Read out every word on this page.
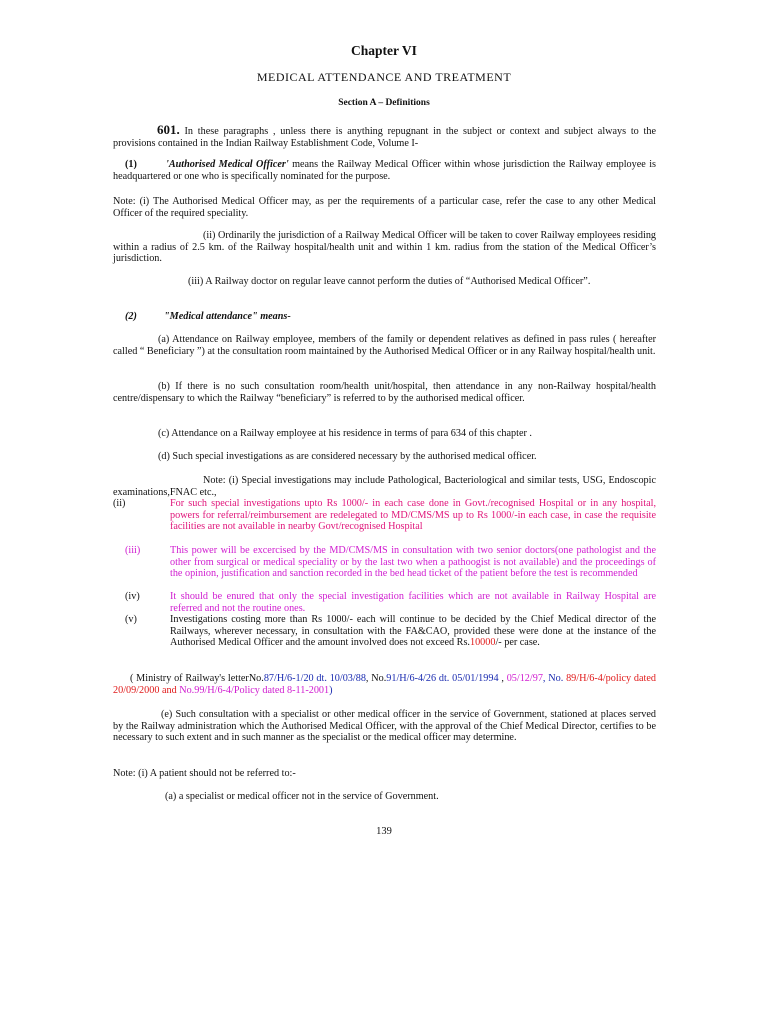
Chapter VI
MEDICAL ATTENDANCE AND TREATMENT
Section A – Definitions

601. In these paragraphs , unless there is anything repugnant in the subject or context and subject always to the provisions contained in the Indian Railway Establishment Code, Volume I-

(1)	'Authorised Medical Officer' means the Railway Medical Officer within whose jurisdiction the Railway employee is headquartered or one who is specifically nominated for the purpose.

Note: (i) The Authorised Medical Officer may, as per the requirements of a particular case, refer the case to any other Medical Officer of the required speciality.

(ii) Ordinarily the jurisdiction of a Railway Medical Officer will be taken to cover Railway employees residing within a radius of 2.5 km. of the Railway hospital/health unit and within 1 km. radius from the station of the Medical Officer’s jurisdiction.

(iii) A Railway doctor on regular leave cannot perform the duties of “Authorised Medical Officer”.

(2)	"Medical attendance" means-

(a) Attendance on Railway employee, members of the family or dependent relatives as defined in pass rules ( hereafter called “ Beneficiary ”) at the consultation room maintained by the Authorised Medical Officer or in any Railway hospital/health unit.

(b) If there is no such consultation room/health unit/hospital, then attendance in any non-Railway hospital/health centre/dispensary to which the Railway “beneficiary” is referred to by the authorised medical officer.

(c) Attendance on a Railway employee at his residence in terms of para 634 of this chapter .

(d) Such special investigations as are considered necessary by the authorised medical officer.

Note: (i) Special investigations may include Pathological, Bacteriological and similar tests, USG, Endoscopic examinations,FNAC etc.,

(ii)	For such special investigations upto Rs 1000/- in each case done in Govt./recognised Hospital or in any hospital, powers for referral/reimbursement are redelegated to MD/CMS/MS up to Rs 1000/-in each case, in case the requisite facilities are not available in nearby Govt/recognised Hospital
(iii)	This power will be excercised by the MD/CMS/MS in consultation with two senior doctors(one pathologist and the other from surgical or medical speciality or by the last two when a pathoogist is not available) and the proceedings of the opinion, justification and sanction recorded in the bed head ticket of the patient before the test is recommended
(iv)	It should be enured that only the special investigation facilities which are not available in Railway Hospital are referred and not the routine ones.
(v)	Investigations costing more than Rs 1000/- each will continue to be decided by the Chief Medical director of the Railways, wherever necessary, in consultation with the FA&CAO, provided these were done at the instance of the Authorised Medical Officer and the amount involved does not exceed Rs.10000/- per case.

( Ministry of Railway's letterNo.87/H/6-1/20 dt. 10/03/88, No.91/H/6-4/26 dt. 05/01/1994 , 05/12/97, No. 89/H/6-4/policy dated 20/09/2000 and No.99/H/6-4/Policy dated 8-11-2001)

(e) Such consultation with a specialist or other medical officer in the service of Government, stationed at places served by the Railway administration which the Authorised Medical Officer, with the approval of the Chief Medical Director, certifies to be necessary to such extent and in such manner as the specialist or the medical officer may determine.

Note: (i) A patient should not be referred to:-

(a) a specialist or medical officer not in the service of Government.

139
